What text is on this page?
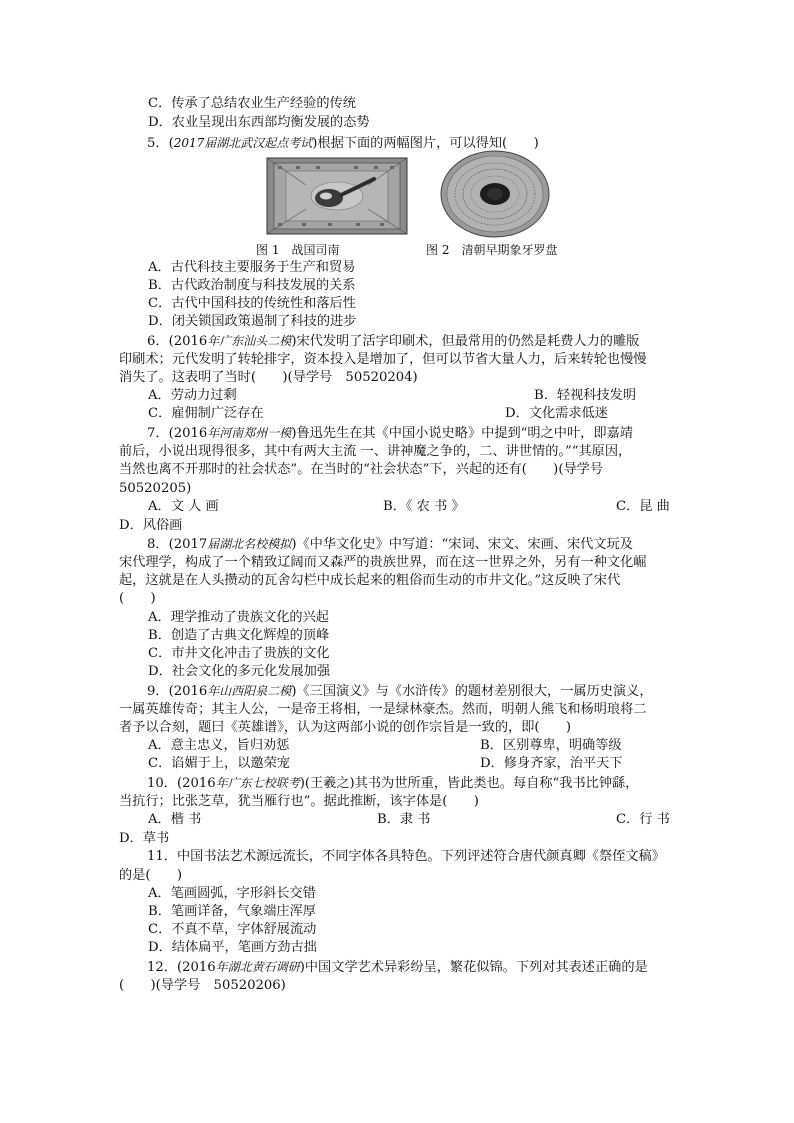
C．传承了总结农业生产经验的传统
D．农业呈现出东西部均衡发展的态势
5．(2017届湖北武汉起点考试)根据下面的两幅图片，可以得知(　　)
图 1　战国司南	图 2　清朝早期象牙罗盘
A．古代科技主要服务于生产和贸易
B．古代政治制度与科技发展的关系
C．古代中国科技的传统性和落后性
D．闭关锁国政策遏制了科技的进步
6．(2016年广东汕头二模)宋代发明了活字印刷术，但最常用的仍然是耗费人力的雕版
印刷术；元代发明了转轮排字，资本投入是增加了，但可以节省大量人力，后来转轮也慢慢
消失了。这表明了当时(　　)(导学号　50520204)
A．劳动力过剩	B．轻视科技发明
C．雇佣制广泛存在	D．文化需求低迷
7．(2016年河南郑州一模)鲁迅先生在其《中国小说史略》中提到“明之中叶，即嘉靖
前后，小说出现得很多，其中有两大主流 一、讲神魔之争的，二、讲世情的。”“其原因，
当然也离不开那时的社会状态”。在当时的“社会状态”下，兴起的还有(　　)(导学号
50520205)
A．文 人 画	B．《 农 书 》	C．昆 曲
D．风俗画
8．(2017届湖北名校模拟)《中华文化史》中写道：“宋词、宋文、宋画、宋代文玩及
宋代理学，构成了一个精致辽阔而又森严的贵族世界，而在这一世界之外，另有一种文化崛
起，这就是在人头攒动的瓦舍勾栏中成长起来的粗俗而生动的市井文化。”这反映了宋代
(　　)
A．理学推动了贵族文化的兴起
B．创造了古典文化辉煌的顶峰
C．市井文化冲击了贵族的文化
D．社会文化的多元化发展加强
9．(2016年山西阳泉二模)《三国演义》与《水浒传》的题材差别很大，一属历史演义，
一属英雄传奇；其主人公，一是帝王将相，一是绿林豪杰。然而，明朝人熊飞和杨明琅将二
者予以合刻，题曰《英雄谱》，认为这两部小说的创作宗旨是一致的，即(　　)
A．意主忠义，旨归劝惩	B．区别尊卑，明确等级
C．谄媚于上，以邀荣宠	D．修身齐家，治平天下
10．(2016年广东七校联考)(王羲之)其书为世所重，皆此类也。每自称“我书比钟繇，
当抗行；比张芝草，犹当雁行也”。据此推断，该字体是(　　)
A．楷 书	B．隶 书	C．行 书
D．草书
11．中国书法艺术源远流长，不同字体各具特色。下列评述符合唐代颜真卿《祭侄文稿》
的是(　　)
A．笔画圆弧，字形斜长交错
B．笔画详备，气象端庄浑厚
C．不真不草，字体舒展流动
D．结体扁平，笔画方劲古拙
12．(2016年湖北黄石调研)中国文学艺术异彩纷呈，繁花似锦。下列对其表述正确的是
(　　)(导学号　50520206)
